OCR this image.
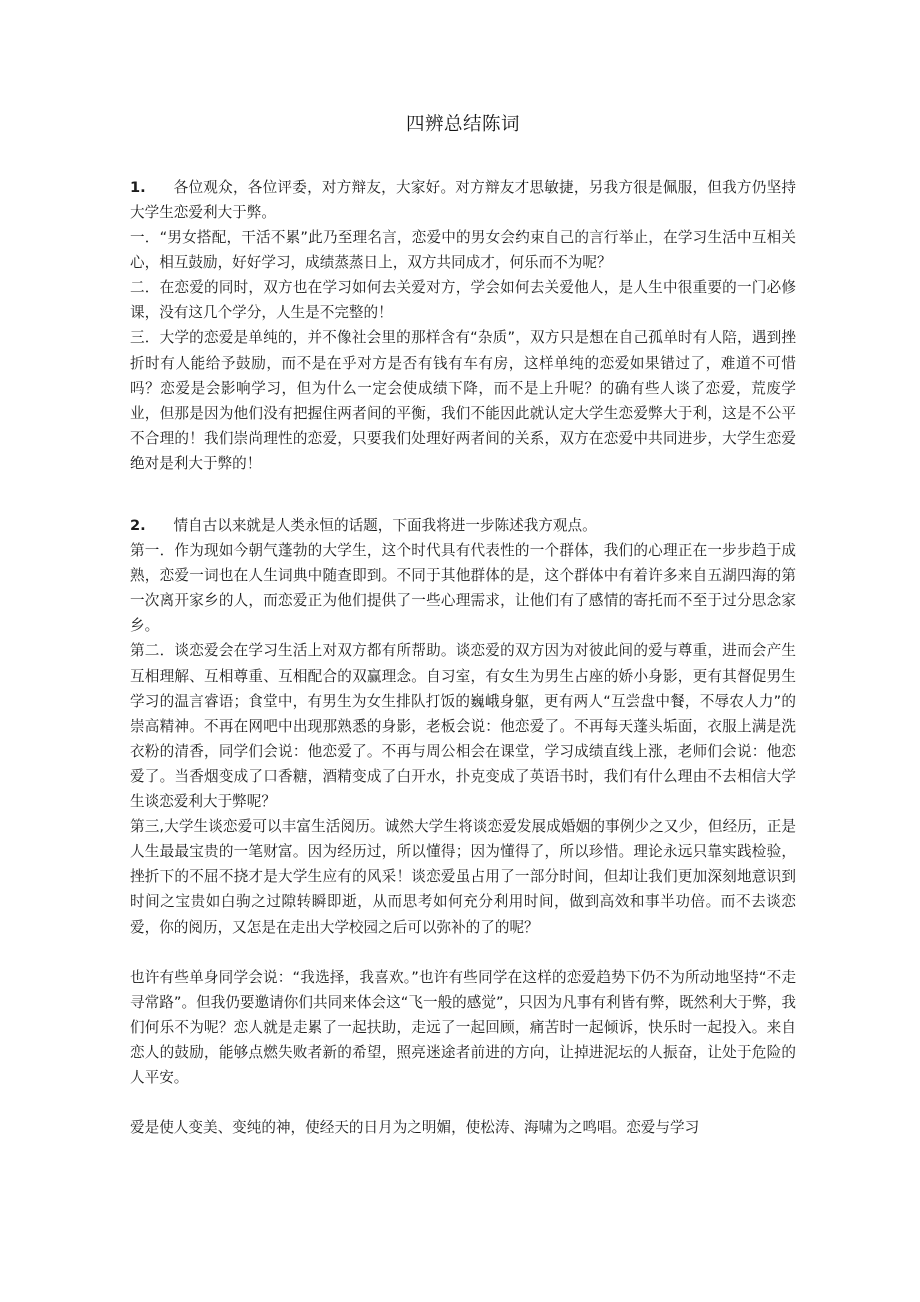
四辨总结陈词

1. 各位观众，各位评委，对方辩友，大家好。对方辩友才思敏捷，另我方很是佩服，但我方仍坚持大学生恋爱利大于弊。

一．“男女搭配，干活不累”此乃至理名言，恋爱中的男女会约束自己的言行举止，在学习生活中互相关心，相互鼓励，好好学习，成绩蒸蒸日上，双方共同成才，何乐而不为呢？

二．在恋爱的同时，双方也在学习如何去关爱对方，学会如何去关爱他人，是人生中很重要的一门必修课，没有这几个学分，人生是不完整的！

三．大学的恋爱是单纯的，并不像社会里的那样含有“杂质”，双方只是想在自己孤单时有人陪，遇到挫折时有人能给予鼓励，而不是在乎对方是否有钱有车有房，这样单纯的恋爱如果错过了，难道不可惜吗？恋爱是会影响学习，但为什么一定会使成绩下降，而不是上升呢？的确有些人谈了恋爱，荒废学业，但那是因为他们没有把握住两者间的平衡，我们不能因此就认定大学生恋爱弊大于利，这是不公平不合理的！我们崇尚理性的恋爱，只要我们处理好两者间的关系，双方在恋爱中共同进步，大学生恋爱绝对是利大于弊的！

2. 情自古以来就是人类永恒的话题，下面我将进一步陈述我方观点。

第一．作为现如今朝气蓬勃的大学生，这个时代具有代表性的一个群体，我们的心理正在一步步趋于成熟，恋爱一词也在人生词典中随查即到。不同于其他群体的是，这个群体中有着许多来自五湖四海的第一次离开家乡的人，而恋爱正为他们提供了一些心理需求，让他们有了感情的寄托而不至于过分思念家乡。

第二．谈恋爱会在学习生活上对双方都有所帮助。谈恋爱的双方因为对彼此间的爱与尊重，进而会产生互相理解、互相尊重、互相配合的双赢理念。自习室，有女生为男生占座的娇小身影，更有其督促男生学习的温言睿语；食堂中，有男生为女生排队打饭的巍峨身躯，更有两人“互尝盘中餐，不辱农人力”的崇高精神。不再在网吧中出现那熟悉的身影，老板会说：他恋爱了。不再每天蓬头垢面，衣服上满是洗衣粉的清香，同学们会说：他恋爱了。不再与周公相会在课堂，学习成绩直线上涨，老师们会说：他恋爱了。当香烟变成了口香糖，酒精变成了白开水，扑克变成了英语书时，我们有什么理由不去相信大学生谈恋爱利大于弊呢？

第三,大学生谈恋爱可以丰富生活阅历。诚然大学生将谈恋爱发展成婚姻的事例少之又少，但经历，正是人生最最宝贵的一笔财富。因为经历过，所以懂得；因为懂得了，所以珍惜。理论永远只靠实践检验，挫折下的不屈不挠才是大学生应有的风采！谈恋爱虽占用了一部分时间，但却让我们更加深刻地意识到时间之宝贵如白驹之过隙转瞬即逝，从而思考如何充分利用时间，做到高效和事半功倍。而不去谈恋爱，你的阅历，又怎是在走出大学校园之后可以弥补的了的呢？

也许有些单身同学会说：“我选择，我喜欢。”也许有些同学在这样的恋爱趋势下仍不为所动地坚持“不走寻常路”。但我仍要邀请你们共同来体会这“飞一般的感觉”，只因为凡事有利皆有弊，既然利大于弊，我们何乐不为呢？恋人就是走累了一起扶助，走远了一起回顾，痛苦时一起倾诉，快乐时一起投入。来自恋人的鼓励，能够点燃失败者新的希望，照亮迷途者前进的方向，让掉进泥坛的人振奋，让处于危险的人平安。

爱是使人变美、变纯的神，使经天的日月为之明媚，使松涛、海啸为之鸣唱。恋爱与学习
